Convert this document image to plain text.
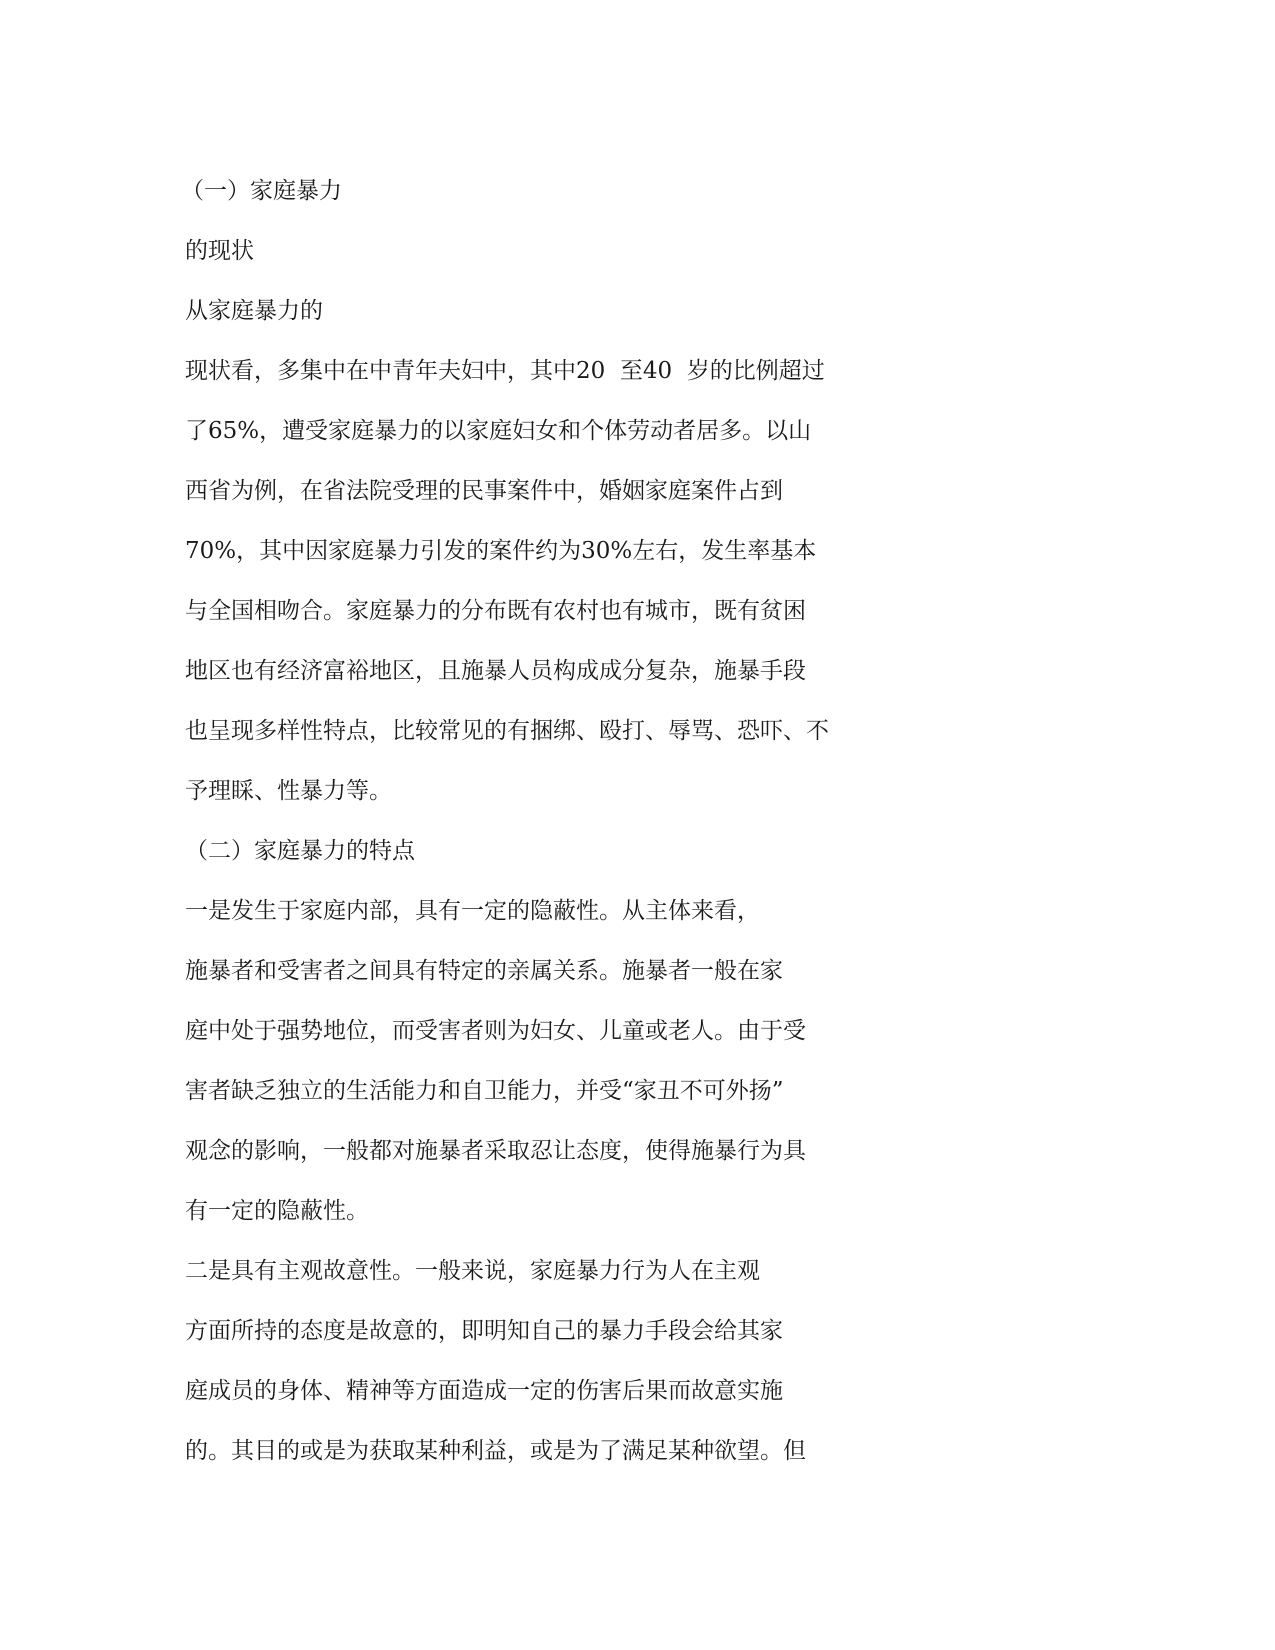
（一）家庭暴力
的现状
从家庭暴力的
现状看，多集中在中青年夫妇中，其中20  至40  岁的比例超过
了65%，遭受家庭暴力的以家庭妇女和个体劳动者居多。以山
西省为例，在省法院受理的民事案件中，婚姻家庭案件占到
70%，其中因家庭暴力引发的案件约为30%左右，发生率基本
与全国相吻合。家庭暴力的分布既有农村也有城市，既有贫困
地区也有经济富裕地区，且施暴人员构成成分复杂，施暴手段
也呈现多样性特点，比较常见的有捆绑、殴打、辱骂、恐吓、不
予理睬、性暴力等。
（二）家庭暴力的特点
一是发生于家庭内部，具有一定的隐蔽性。从主体来看，
施暴者和受害者之间具有特定的亲属关系。施暴者一般在家
庭中处于强势地位，而受害者则为妇女、儿童或老人。由于受
害者缺乏独立的生活能力和自卫能力，并受“家丑不可外扬”
观念的影响，一般都对施暴者采取忍让态度，使得施暴行为具
有一定的隐蔽性。
二是具有主观故意性。一般来说，家庭暴力行为人在主观
方面所持的态度是故意的，即明知自己的暴力手段会给其家
庭成员的身体、精神等方面造成一定的伤害后果而故意实施
的。其目的或是为获取某种利益，或是为了满足某种欲望。但
